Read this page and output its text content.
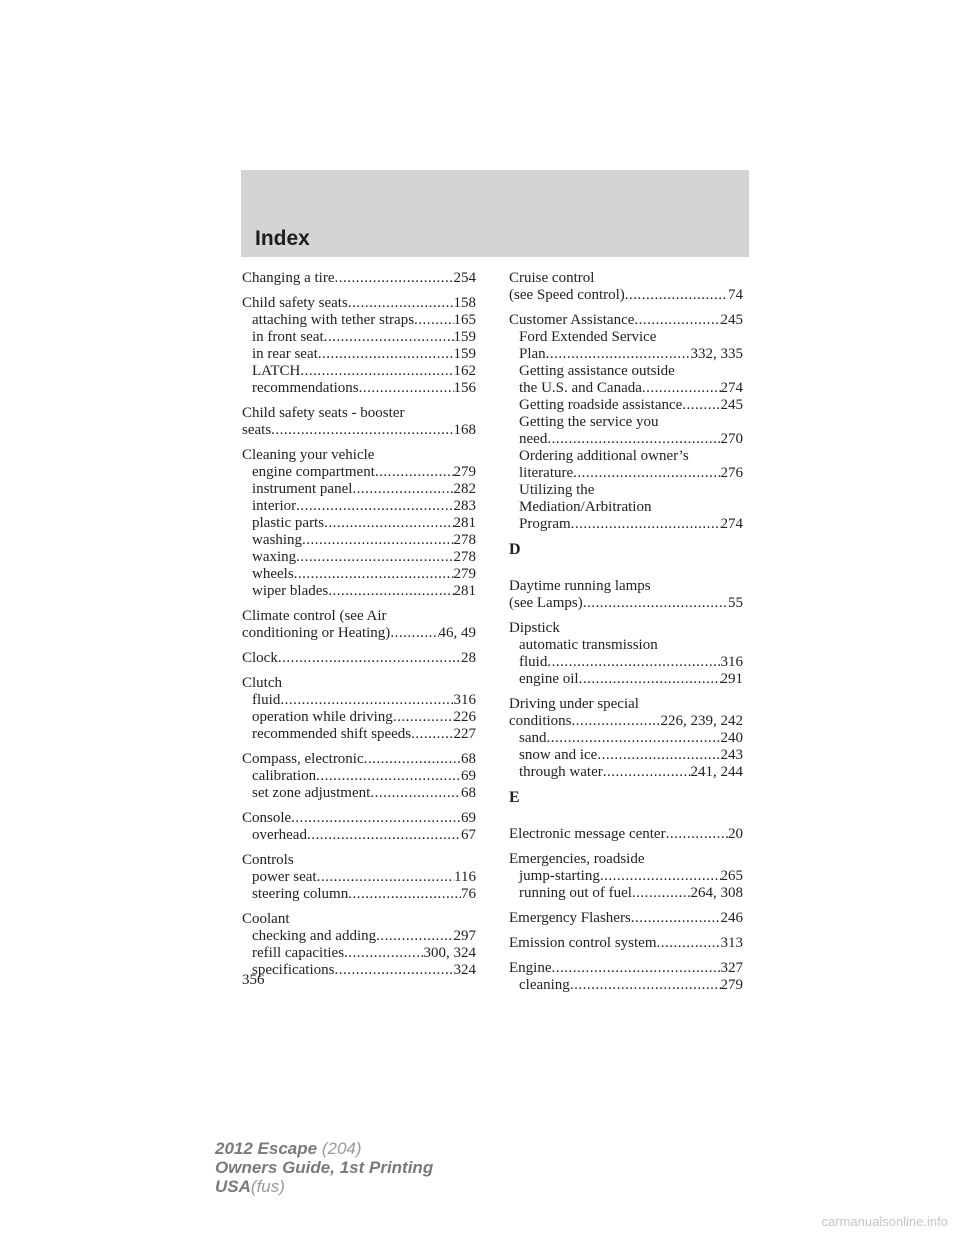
Index
Changing a tire .....	254
Child safety seats .....	158
attaching with tether straps .....	165
in front seat .....	159
in rear seat .....	159
LATCH .....	162
recommendations .....	156
Child safety seats - booster
seats .....	168
Cleaning your vehicle
engine compartment .....	279
instrument panel .....	282
interior .....	283
plastic parts .....	281
washing .....	278
waxing .....	278
wheels .....	279
wiper blades .....	281
Climate control (see Air
conditioning or Heating) .....	46, 49
Clock .....	28
Clutch
fluid .....	316
operation while driving .....	226
recommended shift speeds .....	227
Compass, electronic .....	68
calibration .....	69
set zone adjustment .....	68
Console .....	69
overhead .....	67
Controls
power seat .....	116
steering column .....	76
Coolant
checking and adding .....	297
refill capacities .....	300, 324
specifications .....	324
Cruise control
(see Speed control) .....	74
Customer Assistance .....	245
Ford Extended Service
Plan .....	332, 335
Getting assistance outside
the U.S. and Canada .....	274
Getting roadside assistance .....	245
Getting the service you
need .....	270
Ordering additional owner’s
literature .....	276
Utilizing the
Mediation/Arbitration
Program .....	274
D
Daytime running lamps
(see Lamps) .....	55
Dipstick
automatic transmission
fluid .....	316
engine oil .....	291
Driving under special
conditions .....	226, 239, 242
sand .....	240
snow and ice .....	243
through water .....	241, 244
E
Electronic message center .....	20
Emergencies, roadside
jump-starting .....	265
running out of fuel .....	264, 308
Emergency Flashers .....	246
Emission control system .....	313
Engine .....	327
cleaning .....	279
356
2012 Escape (204)
Owners Guide, 1st Printing
USA(fus)
carmanualsonline.info
